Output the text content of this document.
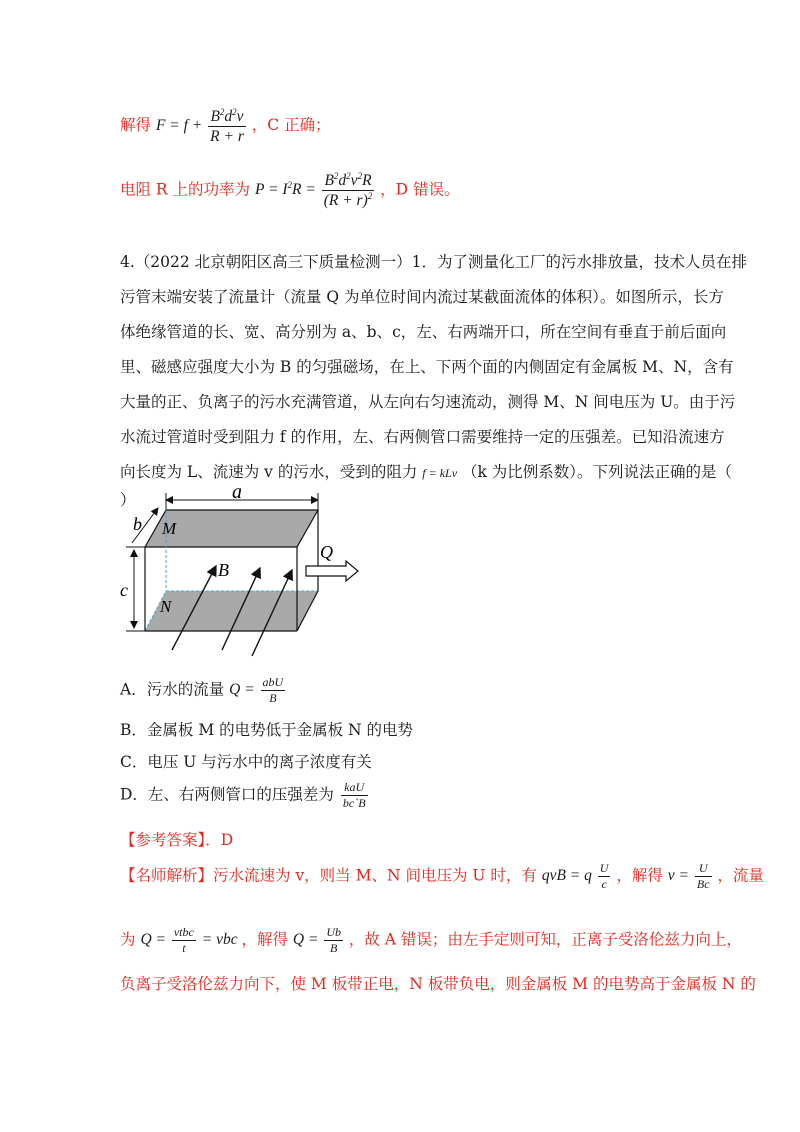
解得 $F = f + \frac{B^2d^2v}{R + r}$ ，C 正确；
电阻 R 上的功率为 $P = I^2R = \frac{B^2d^2v^2R}{(R + r)^2}$ ，D 错误。
4.（2022 北京朝阳区高三下质量检测一）1．为了测量化工厂的污水排放量，技术人员在排
污管末端安装了流量计（流量 Q 为单位时间内流过某截面流体的体积）。如图所示，长方
体绝缘管道的长、宽、高分别为 a、b、c，左、右两端开口，所在空间有垂直于前后面向
里、磁感应强度大小为 B 的匀强磁场，在上、下两个面的内侧固定有金属板 M、N，含有
大量的正、负离子的污水充满管道，从左向右匀速流动，测得 M、N 间电压为 U。由于污
水流过管道时受到阻力 f 的作用，左、右两侧管口需要维持一定的压强差。已知沿流速方
向长度为 L、流速为 v 的污水，受到的阻力 f = kLv （k 为比例系数）。下列说法正确的是（
）	a
b
c
M
N
B
Q
A．污水的流量 $Q = \frac{\text{abU}}{B}$
B．金属板 M 的电势低于金属板 N 的电势
C．电压 U 与污水中的离子浓度有关
D．左、右两侧管口的压强差为 $\frac{\text{kaU}}{bc`B}$
【参考答案】．D
【名师解析】污水流速为 v，则当 M、N 间电压为 U 时，有 qvB = q $\frac{U}{c}$ ，解得 $v = \frac{U}{Bc}$ ，流量
为 $Q = \frac{\text{vtbc}}{t}$ = vbc ，解得 $Q = \frac{Ub}{B}$ ，故 A 错误；由左手定则可知，正离子受洛伦兹力向上，
负离子受洛伦兹力向下，使 M 板带正电，N 板带负电，则金属板 M 的电势高于金属板 N 的
